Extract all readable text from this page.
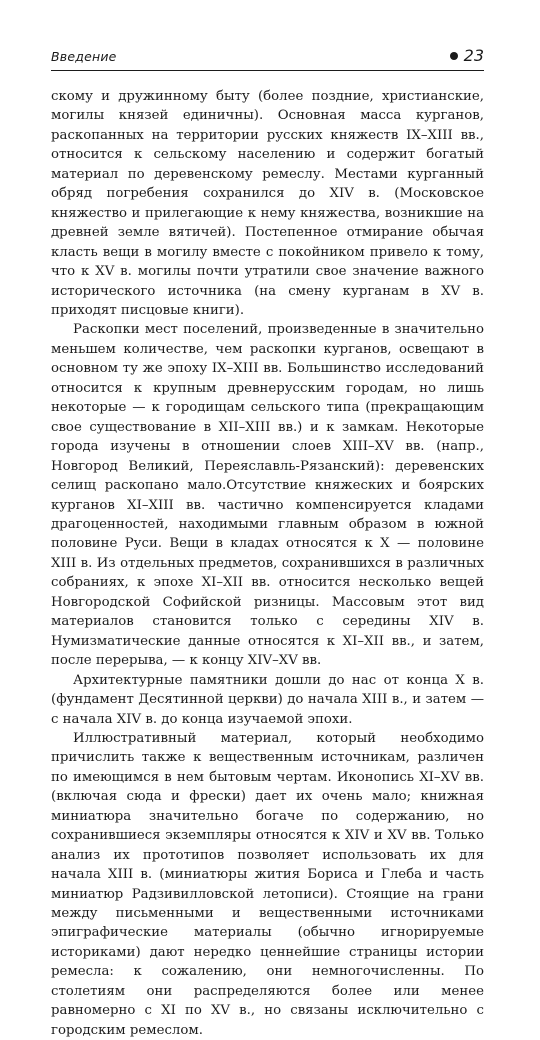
Введение	23

скому и дружинному быту (более поздние, христианские, могилы князей единичны). Основная масса курганов, раскопанных на территории русских княжеств IX–XIII вв., относится к сельскому населению и содержит богатый материал по деревенскому ремеслу. Местами курганный обряд погребения сохранился до XIV в. (Московское княжество и прилегающие к нему княжества, возникшие на древней земле вятичей). Постепенное отмирание обычая класть вещи в могилу вместе с покойником привело к тому, что к XV в. могилы почти утратили свое значение важного исторического источника (на смену курганам в XV в. приходят писцовые книги).

Раскопки мест поселений, произведенные в значительно меньшем количестве, чем раскопки курганов, освещают в основном ту же эпоху IX–XIII вв. Большинство исследований относится к крупным древнерусским городам, но лишь некоторые — к городищам сельского типа (прекращающим свое существование в XII–XIII вв.) и к замкам. Некоторые города изучены в отношении слоев XIII–XV вв. (напр., Новгород Великий, Переяславль-Рязанский): деревенских селищ раскопано мало.Отсутствие княжеских и боярских курганов XI–XIII вв. частично компенсируется кладами драгоценностей, находимыми главным образом в южной половине Руси. Вещи в кладах относятся к X — половине XIII в. Из отдельных предметов, сохранившихся в различных собраниях, к эпохе XI–XII вв. относится несколько вещей Новгородской Софийской ризницы. Массовым этот вид материалов становится только с середины XIV в. Нумизматические данные относятся к XI–XII вв., и затем, после перерыва, — к концу XIV–XV вв.

Архитектурные памятники дошли до нас от конца X в. (фундамент Десятинной церкви) до начала XIII в., и затем — с начала XIV в. до конца изучаемой эпохи.

Иллюстративный материал, который необходимо причислить также к вещественным источникам, различен по имеющимся в нем бытовым чертам. Иконопись XI–XV вв. (включая сюда и фрески) дает их очень мало; книжная миниатюра значительно богаче по содержанию, но сохранившиеся экземпляры относятся к XIV и XV вв. Только анализ их прототипов позволяет использовать их для начала XIII в. (миниатюры жития Бориса и Глеба и часть миниатюр Радзивилловской летописи). Стоящие на грани между письменными и вещественными источниками эпиграфические материалы (обычно игнорируемые историками) дают нередко ценнейшие страницы истории ремесла: к сожалению, они немногочисленны. По столетиям они распределяются более или менее равномерно с XI по XV в., но связаны исключительно с городским ремеслом.
